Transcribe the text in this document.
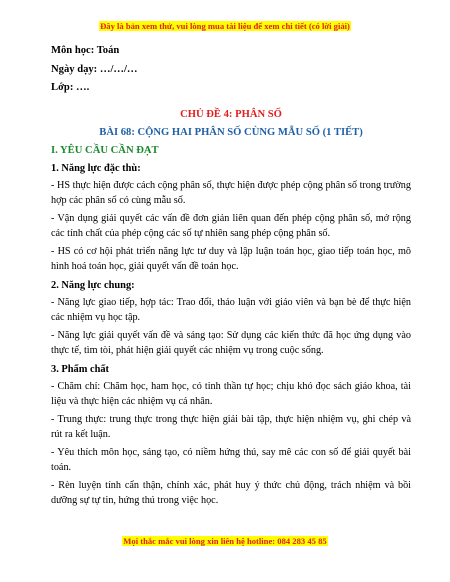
Đây là bản xem thử, vui lòng mua tài liệu để xem chi tiết (có lời giải)
Môn học: Toán
Ngày dạy: …/…/…
Lớp: ….
CHỦ ĐỀ 4: PHÂN SỐ
BÀI 68: CỘNG HAI PHÂN SỐ CÙNG MẪU SỐ (1 TIẾT)
I. YÊU CẦU CẦN ĐẠT
1. Năng lực đặc thù:

- HS thực hiện được cách cộng phân số, thực hiện được phép cộng phân số trong trường hợp các phân số có cùng mẫu số.

- Vận dụng giải quyết các vấn đề đơn giản liên quan đến phép cộng phân số, mở rộng các tính chất của phép cộng các số tự nhiên sang phép cộng phân số.

- HS có cơ hội phát triển năng lực tư duy và lập luận toán học, giao tiếp toán học, mô hình hoá toán học, giải quyết vấn đề toán học.

2. Năng lực chung:

- Năng lực giao tiếp, hợp tác: Trao đổi, thảo luận với giáo viên và bạn bè để thực hiện các nhiệm vụ học tập.

- Năng lực giải quyết vấn đề và sáng tạo: Sử dụng các kiến thức đã học ứng dụng vào thực tế, tìm tòi, phát hiện giải quyết các nhiệm vụ trong cuộc sống.

3. Phẩm chất

- Chăm chỉ: Chăm học, ham học, có tinh thần tự học; chịu khó đọc sách giáo khoa, tài liệu và thực hiện các nhiệm vụ cá nhân.

- Trung thực: trung thực trong thực hiện giải bài tập, thực hiện nhiệm vụ, ghi chép và rút ra kết luận.

- Yêu thích môn học, sáng tạo, có niềm hứng thú, say mê các con số để giải quyết bài toán.

- Rèn luyện tính cẩn thận, chính xác, phát huy ý thức chủ động, trách nhiệm và bồi dưỡng sự tự tin, hứng thú trong việc học.

Mọi thắc mắc vui lòng xin liên hệ hotline: 084 283 45 85
